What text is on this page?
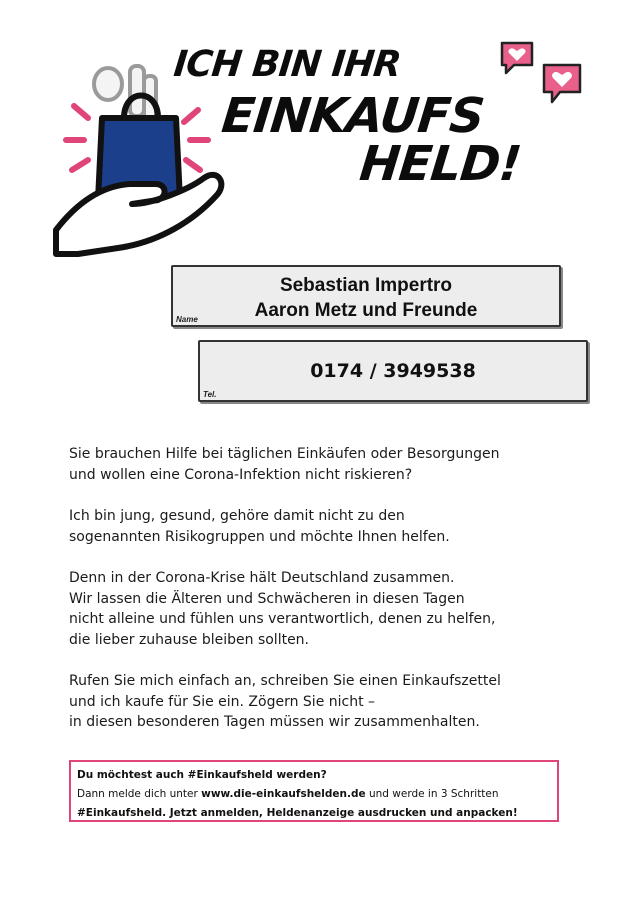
ICH BIN IHR
EINKAUFS
HELD!
Sebastian Impertro
Aaron Metz und Freunde
Name
0174 / 3949538
Tel.

Sie brauchen Hilfe bei täglichen Einkäufen oder Besorgungen
und wollen eine Corona-Infektion nicht riskieren?

Ich bin jung, gesund, gehöre damit nicht zu den
sogenannten Risikogruppen und möchte Ihnen helfen.

Denn in der Corona-Krise hält Deutschland zusammen.
Wir lassen die Älteren und Schwächeren in diesen Tagen
nicht alleine und fühlen uns verantwortlich, denen zu helfen,
die lieber zuhause bleiben sollten.

Rufen Sie mich einfach an, schreiben Sie einen Einkaufszettel
und ich kaufe für Sie ein. Zögern Sie nicht –
in diesen besonderen Tagen müssen wir zusammenhalten.

Du möchtest auch #Einkaufsheld werden?
Dann melde dich unter www.die-einkaufshelden.de und werde in 3 Schritten
#Einkaufsheld. Jetzt anmelden, Heldenanzeige ausdrucken und anpacken!
